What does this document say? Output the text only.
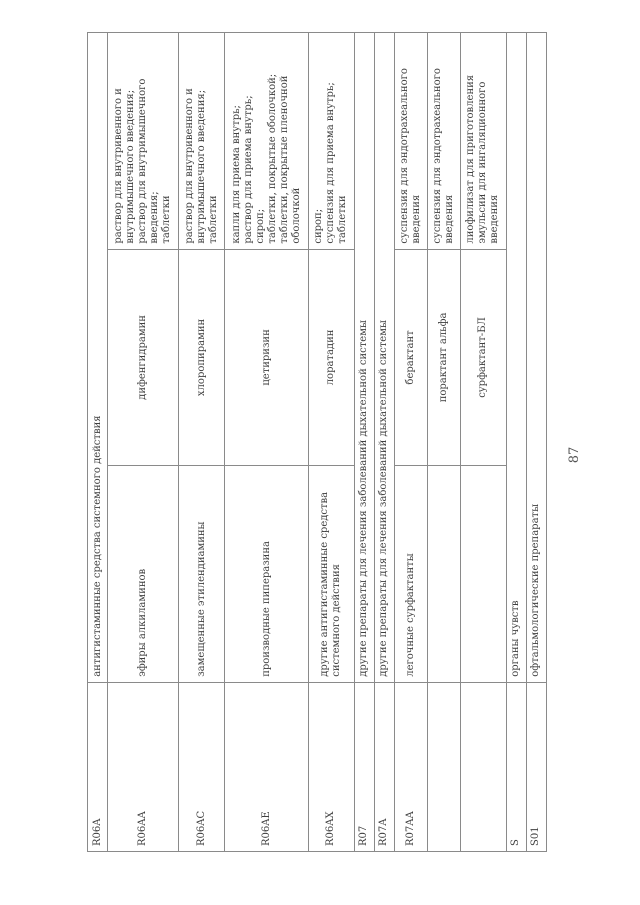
R06A	антигистаминные средства системного действия		
R06AA	эфиры алкиламинов	дифенгидрамин	раствор для внутривенного и внутримышечного введения; раствор для внутримышечного введения; таблетки

R06AC	замещенные этилендиамины	хлоропирамин	раствор для внутривенного и внутримышечного введения; таблетки

R06AE	производные пиперазина	цетиризин	капли для приема внутрь; раствор для приема внутрь; сироп; таблетки, покрытые оболочкой; таблетки, покрытые пленочной оболочкой

R06AX	другие антигистаминные средства системного действия	лоратадин	сироп; суспензия для приема внутрь; таблетки

R07	другие препараты для лечения заболеваний дыхательной системы		
R07A	другие препараты для лечения заболеваний дыхательной системы		
R07AA	легочные сурфактанты	берактант	суспензия для эндотрахеального введения

		порактант альфа	суспензия для эндотрахеального введения

		сурфактант-БЛ	лиофилизат для приготовления эмульсии для ингаляционного введения

S	органы чувств		
S01	офтальмологические препараты		
87
